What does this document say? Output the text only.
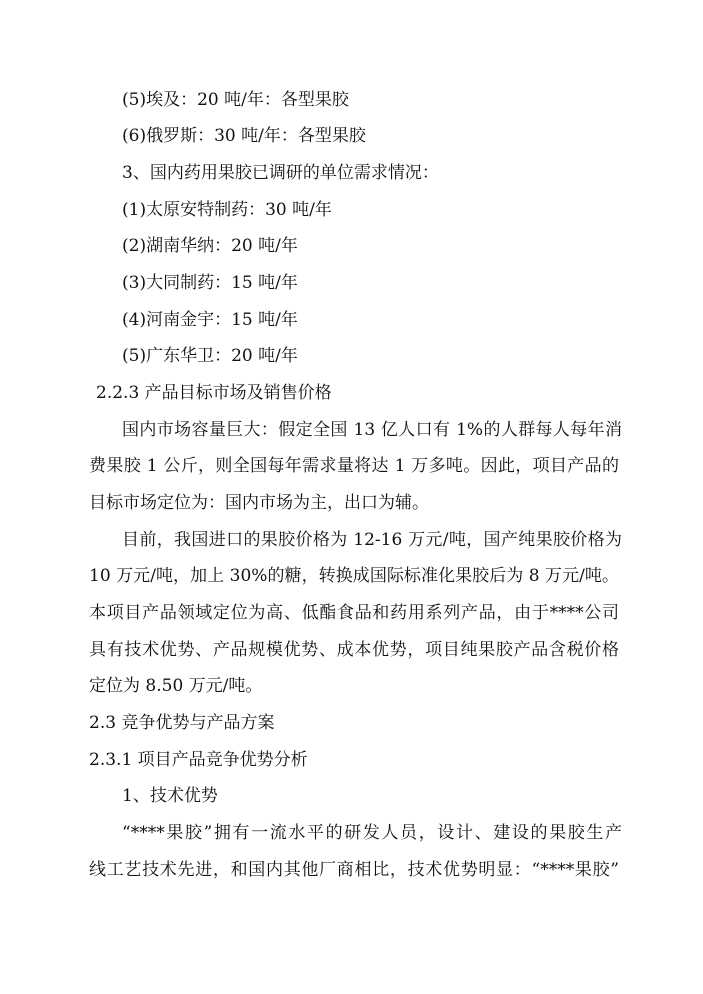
(5)埃及：20 吨/年：各型果胶
(6)俄罗斯：30 吨/年：各型果胶
3、国内药用果胶已调研的单位需求情况：
(1)太原安特制药：30 吨/年
(2)湖南华纳：20 吨/年
(3)大同制药：15 吨/年
(4)河南金宇：15 吨/年
(5)广东华卫：20 吨/年
2.2.3 产品目标市场及销售价格
国内市场容量巨大：假定全国 13 亿人口有 1%的人群每人每年消
费果胶 1 公斤，则全国每年需求量将达 1 万多吨。因此，项目产品的
目标市场定位为：国内市场为主，出口为辅。
目前，我国进口的果胶价格为 12-16 万元/吨，国产纯果胶价格为
10 万元/吨，加上 30%的糖，转换成国际标准化果胶后为 8 万元/吨。
本项目产品领域定位为高、低酯食品和药用系列产品，由于****公司
具有技术优势、产品规模优势、成本优势，项目纯果胶产品含税价格
定位为 8.50 万元/吨。
2.3 竞争优势与产品方案
2.3.1 项目产品竞争优势分析
1、技术优势
“****果胶”拥有一流水平的研发人员，设计、建设的果胶生产
线工艺技术先进，和国内其他厂商相比，技术优势明显：“****果胶”
